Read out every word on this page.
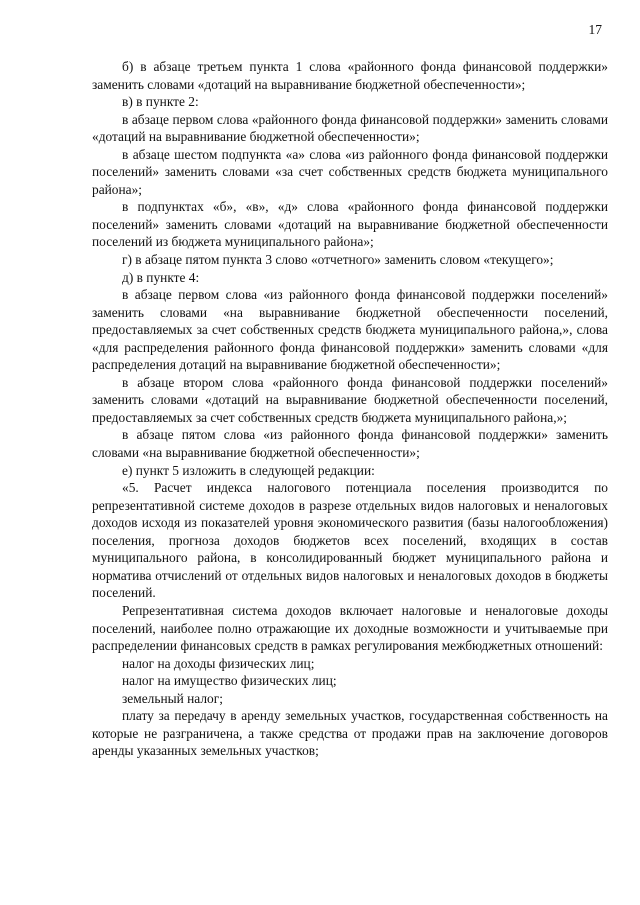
17

б) в абзаце третьем пункта 1 слова «районного фонда финансовой поддержки» заменить словами «дотаций на выравнивание бюджетной обеспеченности»;

в) в пункте 2:

в абзаце первом слова «районного фонда финансовой поддержки» заменить словами «дотаций на выравнивание бюджетной обеспеченности»;

в абзаце шестом подпункта «а» слова «из районного фонда финансовой поддержки поселений» заменить словами «за счет собственных средств бюджета муниципального района»;

в подпунктах «б», «в», «д» слова «районного фонда финансовой поддержки поселений» заменить словами «дотаций на выравнивание бюджетной обеспеченности поселений из бюджета муниципального района»;

г) в абзаце пятом пункта 3 слово «отчетного» заменить словом «текущего»;

д) в пункте 4:

в абзаце первом слова «из районного фонда финансовой поддержки поселений» заменить словами «на выравнивание бюджетной обеспеченности поселений, предоставляемых за счет собственных средств бюджета муниципального района,», слова «для распределения районного фонда финансовой поддержки» заменить словами «для распределения дотаций на выравнивание бюджетной обеспеченности»;

в абзаце втором слова «районного фонда финансовой поддержки поселений» заменить словами «дотаций на выравнивание бюджетной обеспеченности поселений, предоставляемых за счет собственных средств бюджета муниципального района,»;

в абзаце пятом слова «из районного фонда финансовой поддержки» заменить словами «на выравнивание бюджетной обеспеченности»;

е) пункт 5 изложить в следующей редакции:

«5. Расчет индекса налогового потенциала поселения производится по репрезентативной системе доходов в разрезе отдельных видов налоговых и неналоговых доходов исходя из показателей уровня экономического развития (базы налогообложения) поселения, прогноза доходов бюджетов всех поселений, входящих в состав муниципального района, в консолидированный бюджет муниципального района и норматива отчислений от отдельных видов налоговых и неналоговых доходов в бюджеты поселений.

Репрезентативная система доходов включает налоговые и неналоговые доходы поселений, наиболее полно отражающие их доходные возможности и учитываемые при распределении финансовых средств в рамках регулирования межбюджетных отношений:

налог на доходы физических лиц;

налог на имущество физических лиц;

земельный налог;

плату за передачу в аренду земельных участков, государственная собственность на которые не разграничена, а также средства от продажи прав на заключение договоров аренды указанных земельных участков;
